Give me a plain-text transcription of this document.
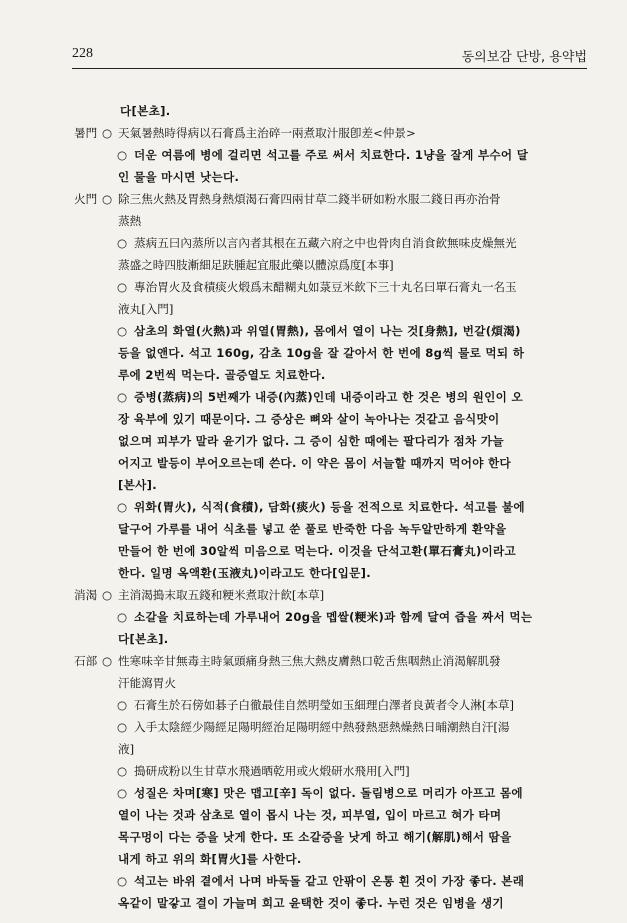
228	동의보감 단방, 용약법
다[본초].
暑門 ○ 天氣暑熱時得病以石膏爲主治碎一兩煮取汁服卽差<仲景>
○ 더운 여름에 병에 걸리면 석고를 주로 써서 치료한다. 1냥을 잘게 부수어 달
인 물을 마시면 낫는다.
火門 ○ 除三焦火熱及胃熱身熱煩渴石膏四兩甘草二錢半研如粉水服二錢日再亦治骨
蒸熱
○ 蒸病五曰內蒸所以言內者其根在五藏六府之中也骨肉自消食飮無味皮燥無光
蒸盛之時四肢漸細足趺腫起宜服此藥以體涼爲度[本事]
○ 專治胃火及食積痰火煅爲末醋糊丸如菉豆米飮下三十丸名曰單石膏丸一名玉
液丸[入門]
○ 삼초의 화열(火熱)과 위열(胃熱), 몸에서 열이 나는 것[身熱], 번갈(煩渴)
등을 없앤다. 석고 160g, 감초 10g을 잘 갈아서 한 번에 8g씩 물로 먹되 하
루에 2번씩 먹는다. 골증열도 치료한다.
○ 증병(蒸病)의 5번째가 내증(內蒸)인데 내증이라고 한 것은 병의 원인이 오
장 육부에 있기 때문이다. 그 증상은 뼈와 살이 녹아나는 것같고 음식맛이
없으며 피부가 말라 윤기가 없다. 그 증이 심한 때에는 팔다리가 점차 가늘
어지고 발등이 부어오르는데 쓴다. 이 약은 몸이 서늘할 때까지 먹어야 한다
[본사].
○ 위화(胃火), 식적(食積), 담화(痰火) 등을 전적으로 치료한다. 석고를 불에
달구어 가루를 내어 식초를 넣고 쑨 풀로 반죽한 다음 녹두알만하게 환약을
만들어 한 번에 30알씩 미음으로 먹는다. 이것을 단석고환(單石膏丸)이라고
한다. 일명 옥액환(玉液丸)이라고도 한다[입문].
消渴 ○ 主消渴搗末取五錢和粳米煮取汁飮[本草]
○ 소갈을 치료하는데 가루내어 20g을 멥쌀(粳米)과 함께 달여 즙을 짜서 먹는
다[본초].
石部 ○ 性寒味辛甘無毒主時氣頭痛身熱三焦大熱皮膚熱口乾舌焦咽熱止消渴解肌發
汗能瀉胃火
○ 石膏生於石傍如碁子白徹最佳自然明瑩如玉細理白澤者良黃者令人淋[本草]
○ 入手太陰經少陽經足陽明經治足陽明經中熱發熱惡熱燥熱日晡潮熱自汗[湯
液]
○ 搗研成粉以生甘草水飛過晒乾用或火煅研水飛用[入門]
○ 성질은 차며[寒] 맛은 맵고[辛] 독이 없다. 돌림병으로 머리가 아프고 몸에
열이 나는 것과 삼초로 열이 몹시 나는 것, 피부열, 입이 마르고 혀가 타며
목구멍이 다는 증을 낫게 한다. 또 소갈증을 낫게 하고 해기(解肌)해서 땀을
내게 하고 위의 화[胃火]를 사한다.
○ 석고는 바위 곁에서 나며 바둑돌 같고 안팎이 온통 흰 것이 가장 좋다. 본래
옥같이 말갛고 결이 가늘며 희고 윤택한 것이 좋다. 누런 것은 임병을 생기
